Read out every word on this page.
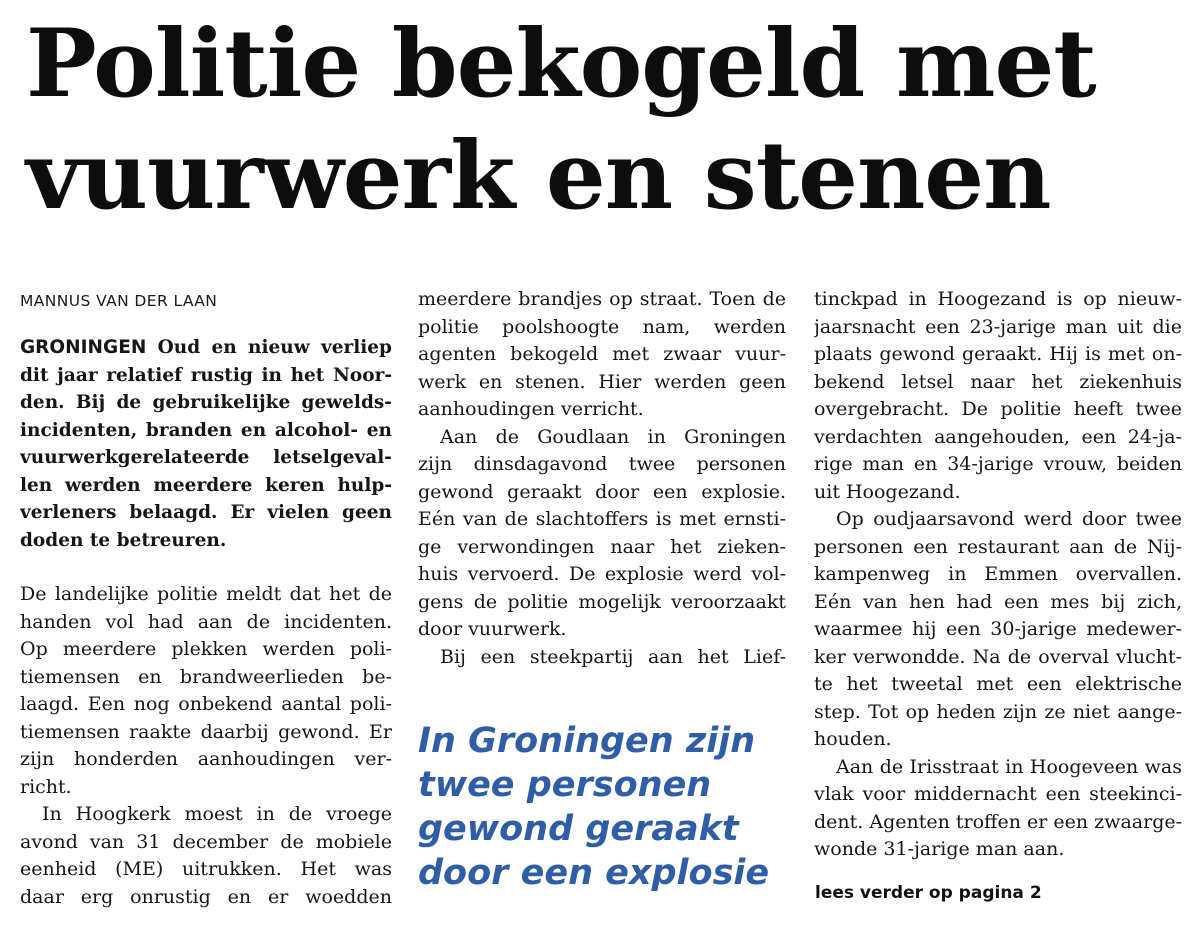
Politie bekogeld met
vuurwerk en stenen
MANNUS VAN DER LAAN
GRONINGEN Oud en nieuw verliep
dit jaar relatief rustig in het Noor-
den. Bij de gebruikelijke gewelds-
incidenten, branden en alcohol- en
vuurwerkgerelateerde letselgeval-
len werden meerdere keren hulp-
verleners belaagd. Er vielen geen
doden te betreuren.
De landelijke politie meldt dat het de
handen vol had aan de incidenten.
Op meerdere plekken werden poli-
tiemensen en brandweerlieden be-
laagd. Een nog onbekend aantal poli-
tiemensen raakte daarbij gewond. Er
zijn honderden aanhoudingen ver-
richt.
In Hoogkerk moest in de vroege
avond van 31 december de mobiele
eenheid (ME) uitrukken. Het was
daar erg onrustig en er woedden
meerdere brandjes op straat. Toen de
politie poolshoogte nam, werden
agenten bekogeld met zwaar vuur-
werk en stenen. Hier werden geen
aanhoudingen verricht.
Aan de Goudlaan in Groningen
zijn dinsdagavond twee personen
gewond geraakt door een explosie.
Eén van de slachtoffers is met ernsti-
ge verwondingen naar het zieken-
huis vervoerd. De explosie werd vol-
gens de politie mogelijk veroorzaakt
door vuurwerk.
Bij een steekpartij aan het Lief-
In Groningen zijn
twee personen
gewond geraakt
door een explosie
tinckpad in Hoogezand is op nieuw-
jaarsnacht een 23-jarige man uit die
plaats gewond geraakt. Hij is met on-
bekend letsel naar het ziekenhuis
overgebracht. De politie heeft twee
verdachten aangehouden, een 24-ja-
rige man en 34-jarige vrouw, beiden
uit Hoogezand.
Op oudjaarsavond werd door twee
personen een restaurant aan de Nij-
kampenweg in Emmen overvallen.
Eén van hen had een mes bij zich,
waarmee hij een 30-jarige medewer-
ker verwondde. Na de overval vlucht-
te het tweetal met een elektrische
step. Tot op heden zijn ze niet aange-
houden.
Aan de Irisstraat in Hoogeveen was
vlak voor middernacht een steekinci-
dent. Agenten troffen er een zwaarge-
wonde 31-jarige man aan.
lees verder op pagina 2
